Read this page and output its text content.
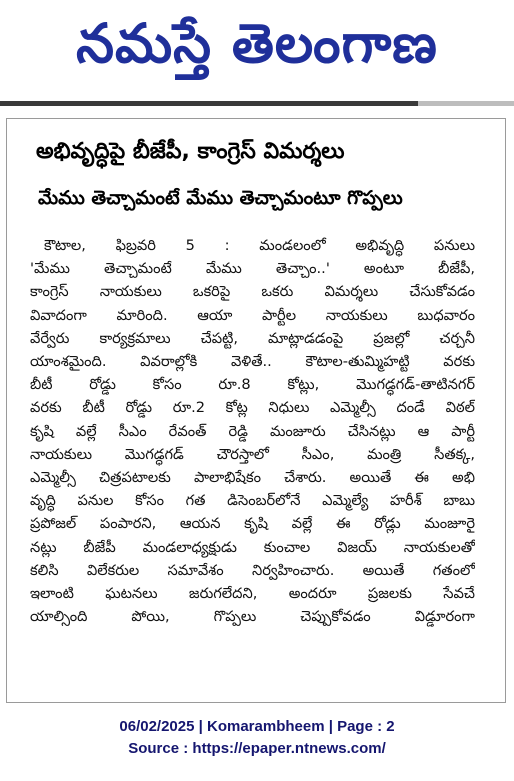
నమస్తే తెలంగాణ
అభివృద్ధిపై బీజేపీ, కాంగ్రెస్ విమర్శలు
మేము తెచ్చామంటే మేము తెచ్చామంటూ గొప్పలు
కౌటాల, ఫిబ్రవరి 5 : మండలంలో అభివృద్ధి పనులు
'మేము తెచ్చామంటే మేము తెచ్చాం..' అంటూ బీజేపీ,
కాంగ్రెస్ నాయకులు ఒకరిపై ఒకరు విమర్శలు చేసుకోవడం
వివాదంగా మారింది. ఆయా పార్టీల నాయకులు బుధవారం
వేర్వేరు కార్యక్రమాలు చేపట్టి, మాట్లాడడంపై ప్రజల్లో చర్చనీ
యాంశమైంది. వివరాల్లోకి వెళితే.. కౌటాల-తుమ్మిహట్టి వరకు
బీటీ రోడ్డు కోసం రూ.8 కోట్లు, మొగడ్ధగడ్-తాటినగర్
వరకు బీటీ రోడ్డు రూ.2 కోట్ల నిధులు ఎమ్మెల్సీ దండే విఠల్
కృషి వల్లే సీఎం రేవంత్ రెడ్డి మంజూరు చేసినట్లు ఆ పార్టీ
నాయకులు మొగడ్ధగడ్ చౌరస్తాలో సీఎం, మంత్రి సీతక్క,
ఎమ్మెల్సీ చిత్రపటాలకు పాలాభిషేకం చేశారు. అయితే ఈ అభి
వృద్ధి పనుల కోసం గత డిసెంబర్‌లోనే ఎమ్మెల్యే హరీశ్ బాబు
ప్రపోజల్ పంపారని, ఆయన కృషి వల్లే ఈ రోడ్లు మంజూరై
నట్లు బీజేపీ మండలాధ్యక్షుడు కుంచాల విజయ్ నాయకులతో
కలిసి విలేకరుల సమావేశం నిర్వహించారు. అయితే గతంలో
ఇలాంటి ఘటనలు జరుగలేదని, అందరూ ప్రజలకు సేవచే
యాల్సింది పోయి, గొప్పలు చెప్పుకోవడం విడ్డూరంగా
06/02/2025 | Komarambheem | Page : 2
Source : https://epaper.ntnews.com/
